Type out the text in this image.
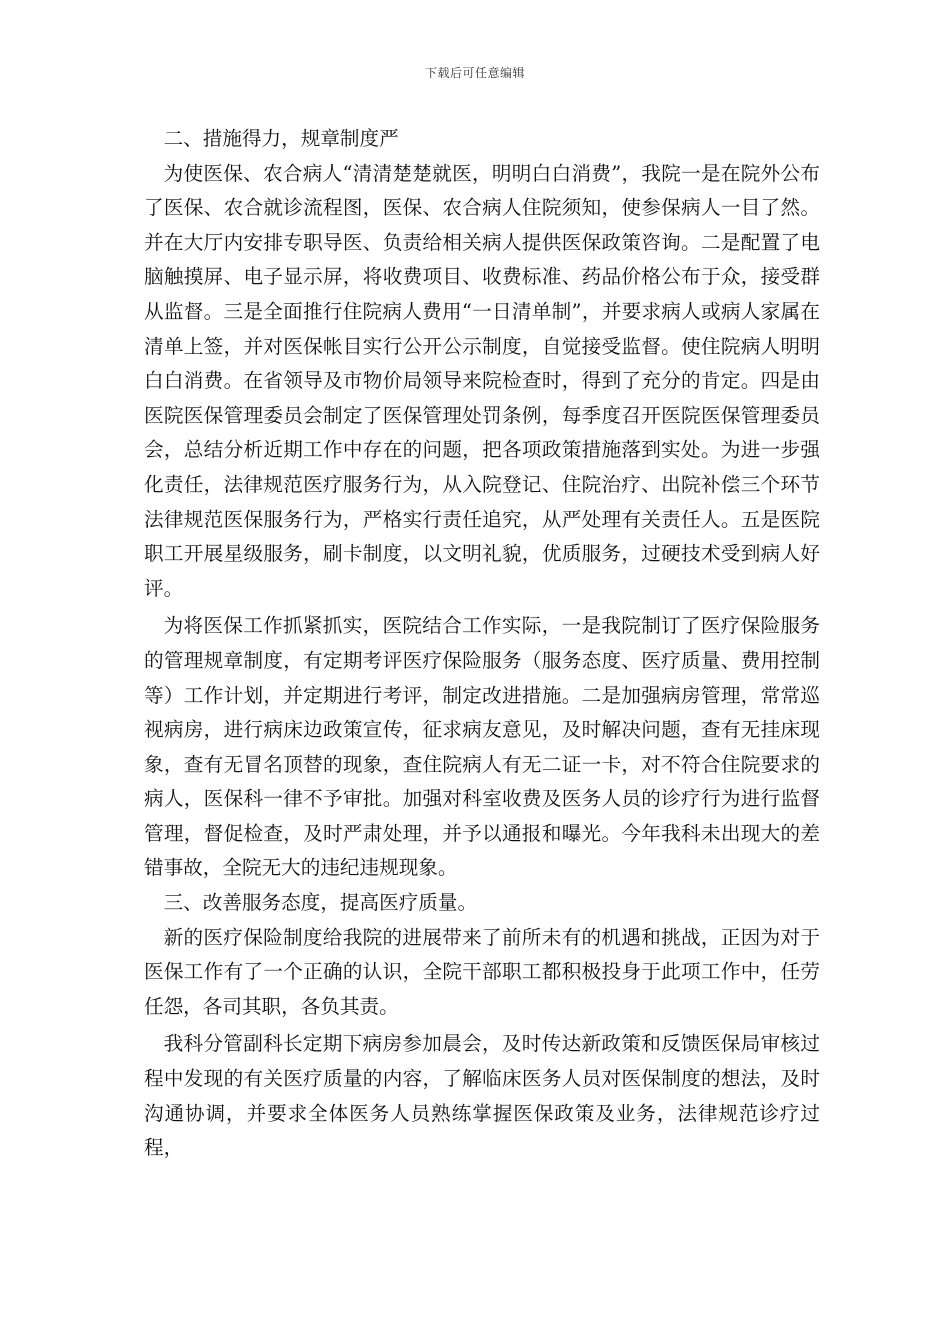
下载后可任意编辑

二、措施得力，规章制度严

为使医保、农合病人“清清楚楚就医，明明白白消费”，我院一是在院外公布了医保、农合就诊流程图，医保、农合病人住院须知，使参保病人一目了然。并在大厅内安排专职导医、负责给相关病人提供医保政策咨询。二是配置了电脑触摸屏、电子显示屏，将收费项目、收费标准、药品价格公布于众，接受群从监督。三是全面推行住院病人费用“一日清单制”，并要求病人或病人家属在清单上签，并对医保帐目实行公开公示制度，自觉接受监督。使住院病人明明白白消费。在省领导及市物价局领导来院检查时，得到了充分的肯定。四是由医院医保管理委员会制定了医保管理处罚条例，每季度召开医院医保管理委员会，总结分析近期工作中存在的问题，把各项政策措施落到实处。为进一步强化责任，法律规范医疗服务行为，从入院登记、住院治疗、出院补偿三个环节法律规范医保服务行为，严格实行责任追究，从严处理有关责任人。五是医院职工开展星级服务，刷卡制度，以文明礼貌，优质服务，过硬技术受到病人好评。

为将医保工作抓紧抓实，医院结合工作实际，一是我院制订了医疗保险服务的管理规章制度，有定期考评医疗保险服务（服务态度、医疗质量、费用控制等）工作计划，并定期进行考评，制定改进措施。二是加强病房管理，常常巡视病房，进行病床边政策宣传，征求病友意见，及时解决问题，查有无挂床现象，查有无冒名顶替的现象，查住院病人有无二证一卡，对不符合住院要求的病人，医保科一律不予审批。加强对科室收费及医务人员的诊疗行为进行监督管理，督促检查，及时严肃处理，并予以通报和曝光。今年我科未出现大的差错事故，全院无大的违纪违规现象。

三、改善服务态度，提高医疗质量。

新的医疗保险制度给我院的进展带来了前所未有的机遇和挑战，正因为对于医保工作有了一个正确的认识，全院干部职工都积极投身于此项工作中，任劳任怨，各司其职，各负其责。

我科分管副科长定期下病房参加晨会，及时传达新政策和反馈医保局审核过程中发现的有关医疗质量的内容，了解临床医务人员对医保制度的想法，及时沟通协调，并要求全体医务人员熟练掌握医保政策及业务，法律规范诊疗过程，
